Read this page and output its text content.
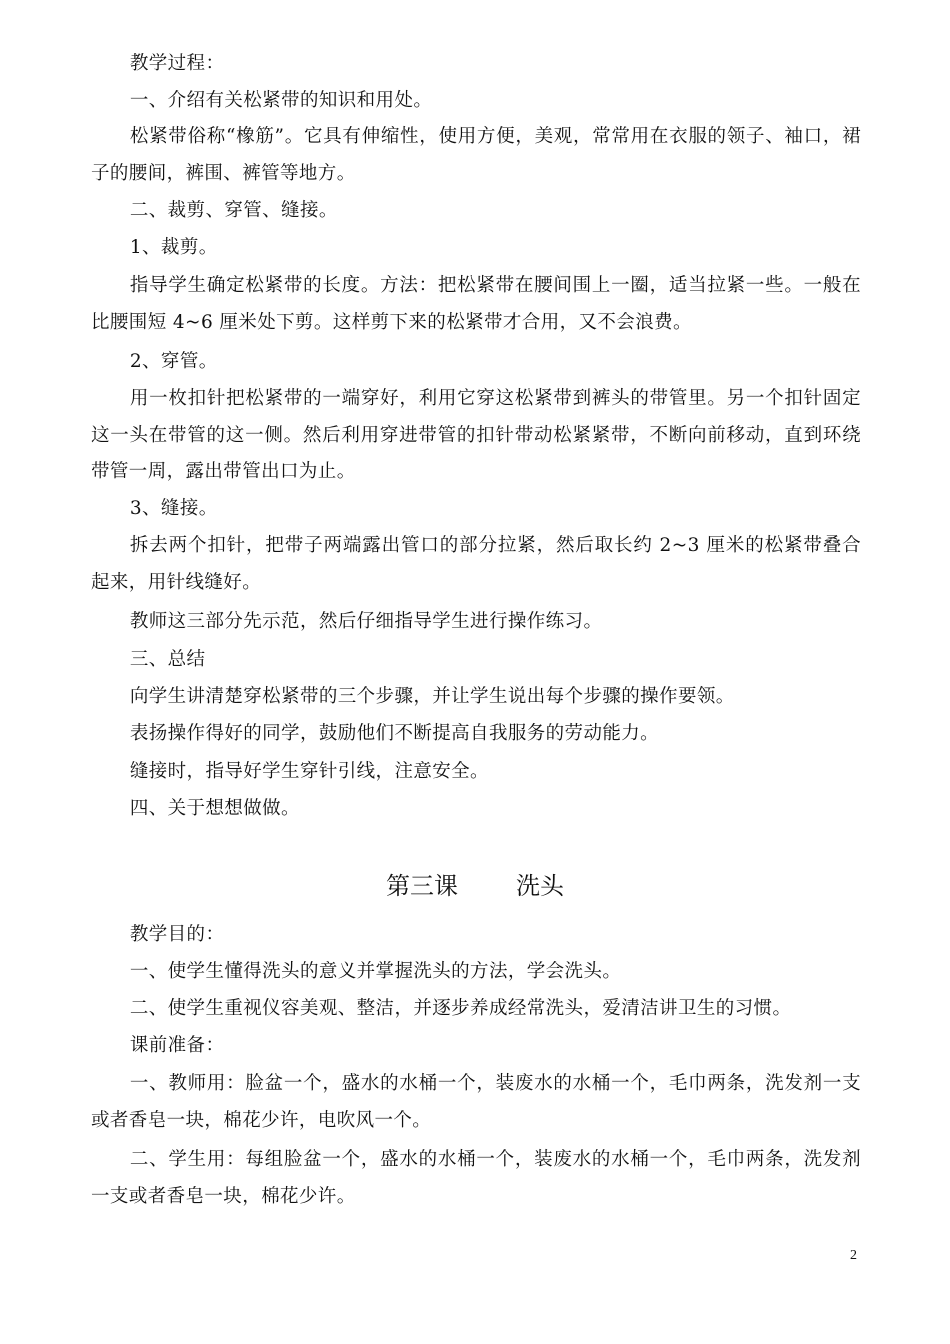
教学过程：

一、介绍有关松紧带的知识和用处。

松紧带俗称“橡筋”。它具有伸缩性，使用方便，美观，常常用在衣服的领子、袖口，裙子的腰间，裤围、裤管等地方。

二、裁剪、穿管、缝接。

1、裁剪。

指导学生确定松紧带的长度。方法：把松紧带在腰间围上一圈，适当拉紧一些。一般在比腰围短 4~6 厘米处下剪。这样剪下来的松紧带才合用，又不会浪费。

2、穿管。

用一枚扣针把松紧带的一端穿好，利用它穿这松紧带到裤头的带管里。另一个扣针固定这一头在带管的这一侧。然后利用穿进带管的扣针带动松紧紧带，不断向前移动，直到环绕带管一周，露出带管出口为止。

3、缝接。

拆去两个扣针，把带子两端露出管口的部分拉紧，然后取长约 2~3 厘米的松紧带叠合起来，用针线缝好。

教师这三部分先示范，然后仔细指导学生进行操作练习。

三、总结

向学生讲清楚穿松紧带的三个步骤，并让学生说出每个步骤的操作要领。

表扬操作得好的同学，鼓励他们不断提高自我服务的劳动能力。

缝接时，指导好学生穿针引线，注意安全。

四、关于想想做做。

第三课 洗头

教学目的：

一、使学生懂得洗头的意义并掌握洗头的方法，学会洗头。

二、使学生重视仪容美观、整洁，并逐步养成经常洗头，爱清洁讲卫生的习惯。

课前准备：

一、教师用：脸盆一个，盛水的水桶一个，装废水的水桶一个，毛巾两条，洗发剂一支或者香皂一块，棉花少许，电吹风一个。

二、学生用：每组脸盆一个，盛水的水桶一个，装废水的水桶一个，毛巾两条，洗发剂一支或者香皂一块，棉花少许。

2
